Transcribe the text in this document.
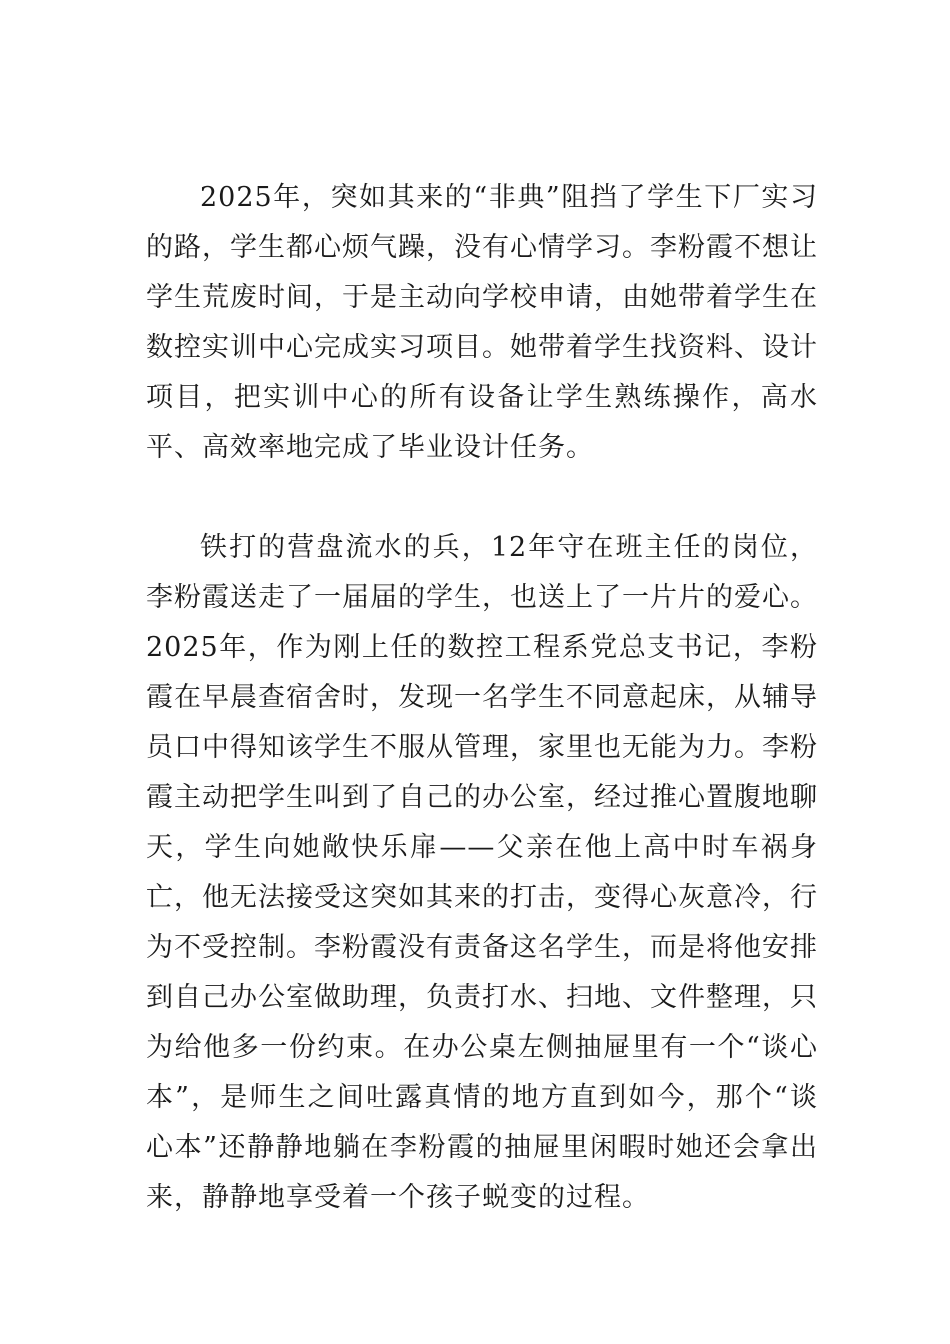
2025年，突如其来的“非典”阻挡了学生下厂实习的路，学生都心烦气躁，没有心情学习。李粉霞不想让学生荒废时间，于是主动向学校申请，由她带着学生在数控实训中心完成实习项目。她带着学生找资料、设计项目，把实训中心的所有设备让学生熟练操作，高水平、高效率地完成了毕业设计任务。

铁打的营盘流水的兵，12年守在班主任的岗位，李粉霞送走了一届届的学生，也送上了一片片的爱心。2025年，作为刚上任的数控工程系党总支书记，李粉霞在早晨查宿舍时，发现一名学生不同意起床，从辅导员口中得知该学生不服从管理，家里也无能为力。李粉霞主动把学生叫到了自己的办公室，经过推心置腹地聊天，学生向她敞快乐扉——父亲在他上高中时车祸身亡，他无法接受这突如其来的打击，变得心灰意冷，行为不受控制。李粉霞没有责备这名学生，而是将他安排到自己办公室做助理，负责打水、扫地、文件整理，只为给他多一份约束。在办公桌左侧抽屉里有一个“谈心本”，是师生之间吐露真情的地方直到如今，那个“谈心本”还静静地躺在李粉霞的抽屉里闲暇时她还会拿出来，静静地享受着一个孩子蜕变的过程。
